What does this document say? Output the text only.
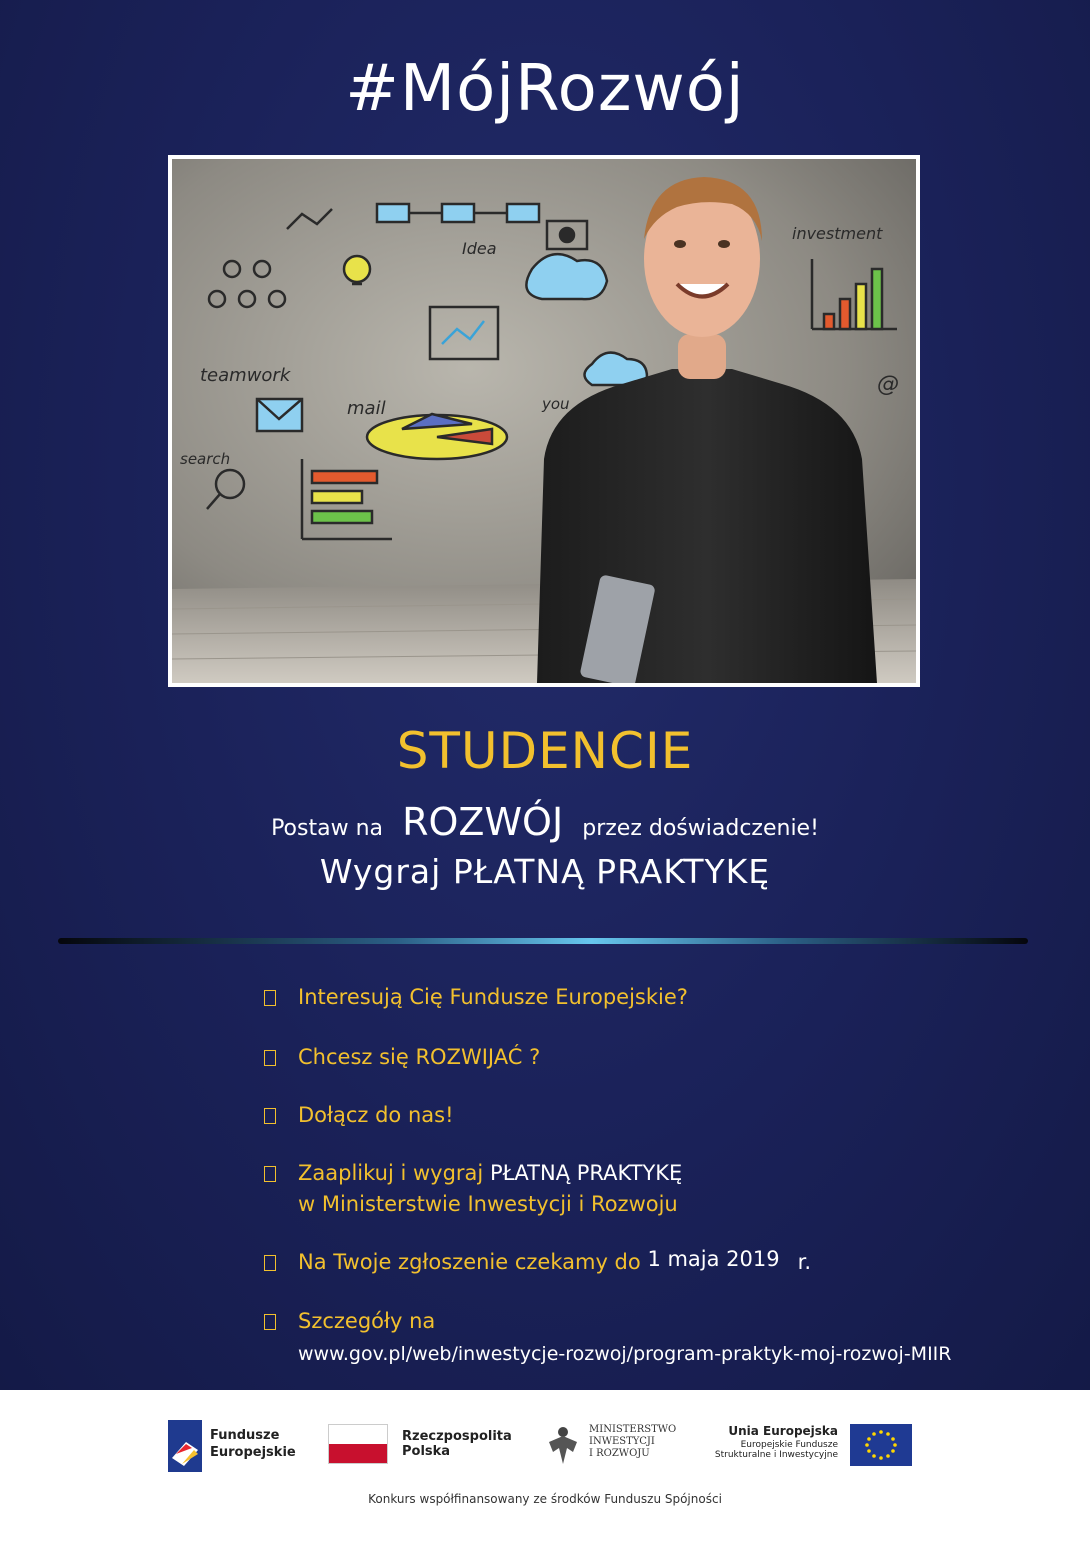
#MójRozwój
Idea
investment
teamwork
mail
search
you
@
STUDENCIE
Postaw na ROZWÓJ przez doświadczenie!
Wygraj PŁATNĄ PRAKTYKĘ
Interesują Cię Fundusze Europejskie?
Chcesz się ROZWIJAĆ ?
Dołącz do nas!
Zaaplikuj i wygraj PŁATNĄ PRAKTYKĘ
w Ministerstwie Inwestycji i Rozwoju
Na Twoje zgłoszenie czekamy do 1 maja 2019 r.
Szczegóły na
www.gov.pl/web/inwestycje-rozwoj/program-praktyk-moj-rozwoj-MIIR
Fundusze
Europejskie
Rzeczpospolita
Polska
MINISTERSTWO
INWESTYCJI
I ROZWOJU
Unia Europejska
Europejskie Fundusze
Strukturalne i Inwestycyjne
Konkurs współfinansowany ze środków Funduszu Spójności
